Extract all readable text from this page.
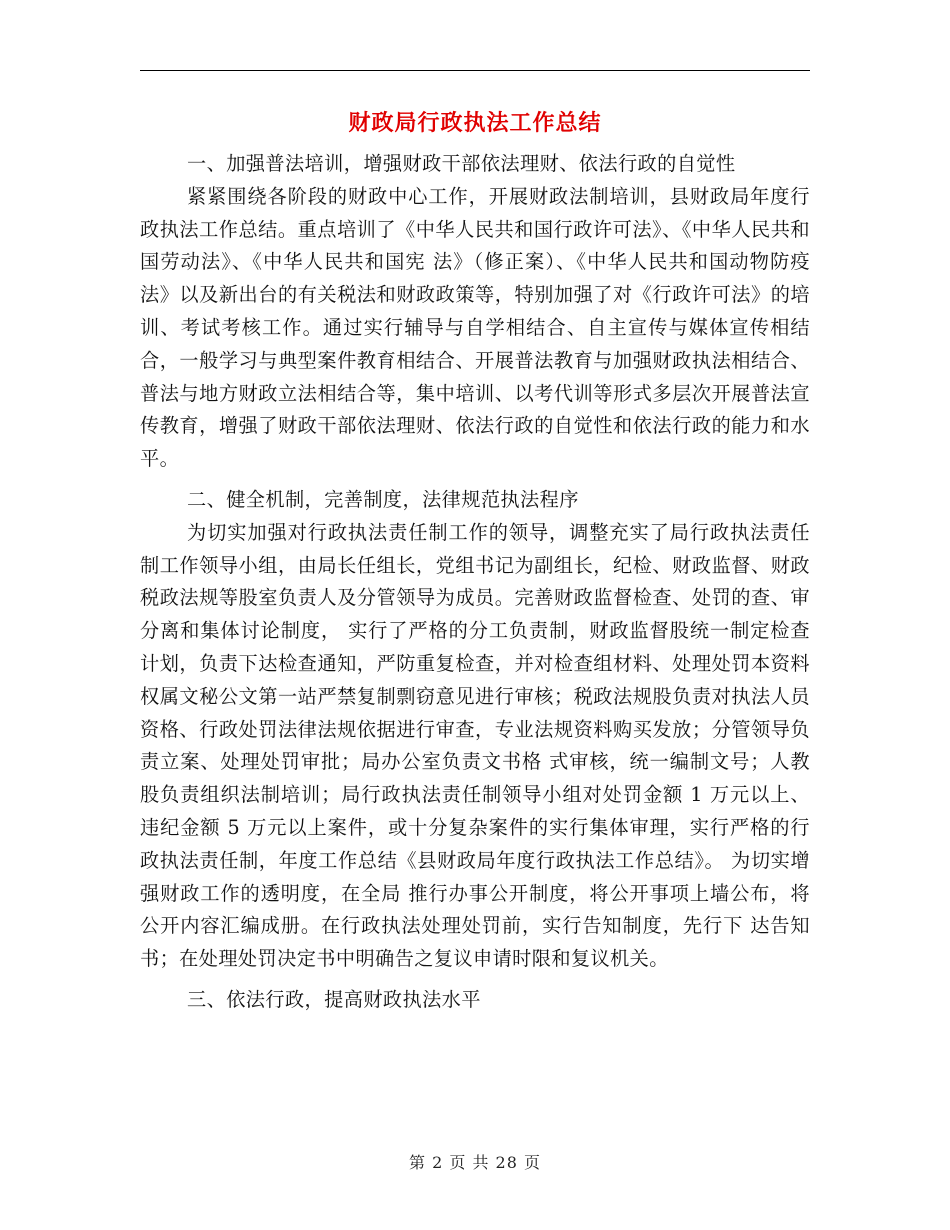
财政局行政执法工作总结

一、加强普法培训，增强财政干部依法理财、依法行政的自觉性

紧紧围绕各阶段的财政中心工作，开展财政法制培训，县财政局年度行政执法工作总结。重点培训了《中华人民共和国行政许可法》、《中华人民共和国劳动法》、《中华人民共和国宪 法》（修正案）、《中华人民共和国动物防疫法》以及新出台的有关税法和财政政策等，特别加强了对《行政许可法》的培训、考试考核工作。通过实行辅导与自学相结合、自主宣传与媒体宣传相结合，一般学习与典型案件教育相结合、开展普法教育与加强财政执法相结合、普法与地方财政立法相结合等，集中培训、以考代训等形式多层次开展普法宣传教育，增强了财政干部依法理财、依法行政的自觉性和依法行政的能力和水平。

二、健全机制，完善制度，法律规范执法程序

为切实加强对行政执法责任制工作的领导，调整充实了局行政执法责任制工作领导小组，由局长任组长，党组书记为副组长，纪检、财政监督、财政税政法规等股室负责人及分管领导为成员。完善财政监督检查、处罚的查、审分离和集体讨论制度， 实行了严格的分工负责制，财政监督股统一制定检查计划，负责下达检查通知，严防重复检查，并对检查组材料、处理处罚本资料权属文秘公文第一站严禁复制剽窃意见进行审核；税政法规股负责对执法人员资格、行政处罚法律法规依据进行审查，专业法规资料购买发放；分管领导负责立案、处理处罚审批；局办公室负责文书格 式审核，统一编制文号；人教股负责组织法制培训；局行政执法责任制领导小组对处罚金额 1 万元以上、违纪金额 5 万元以上案件，或十分复杂案件的实行集体审理，实行严格的行政执法责任制，年度工作总结《县财政局年度行政执法工作总结》。 为切实增强财政工作的透明度，在全局 推行办事公开制度，将公开事项上墙公布，将公开内容汇编成册。在行政执法处理处罚前，实行告知制度，先行下 达告知书；在处理处罚决定书中明确告之复议申请时限和复议机关。

三、依法行政，提高财政执法水平

第 2 页 共 28 页
